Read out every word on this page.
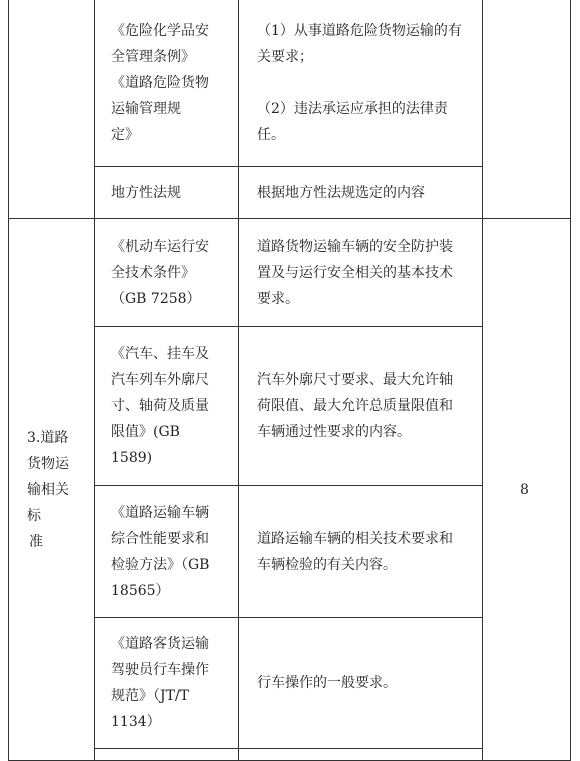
	《危险化学品安
全管理条例》
《道路危险货物
运输管理规
定》	（1）从事道路危险货物运输的有
关要求；
（2）违法承运应承担的法律责
任。	

	地方性法规	根据地方性法规选定的内容	

3.道路
货物运
输相关
标
准	《机动车运行安
全技术条件》
（GB 7258）	道路货物运输车辆的安全防护装
置及与运行安全相关的基本技术
要求。	8

	《汽车、挂车及
汽车列车外廓尺
寸、轴荷及质量
限值》(GB
1589)	汽车外廓尺寸要求、最大允许轴
荷限值、最大允许总质量限值和
车辆通过性要求的内容。	

	《道路运输车辆
综合性能要求和
检验方法》（GB
18565）	道路运输车辆的相关技术要求和
车辆检验的有关内容。	

	《道路客货运输
驾驶员行车操作
规范》（JT/T
1134）	行车操作的一般要求。	
